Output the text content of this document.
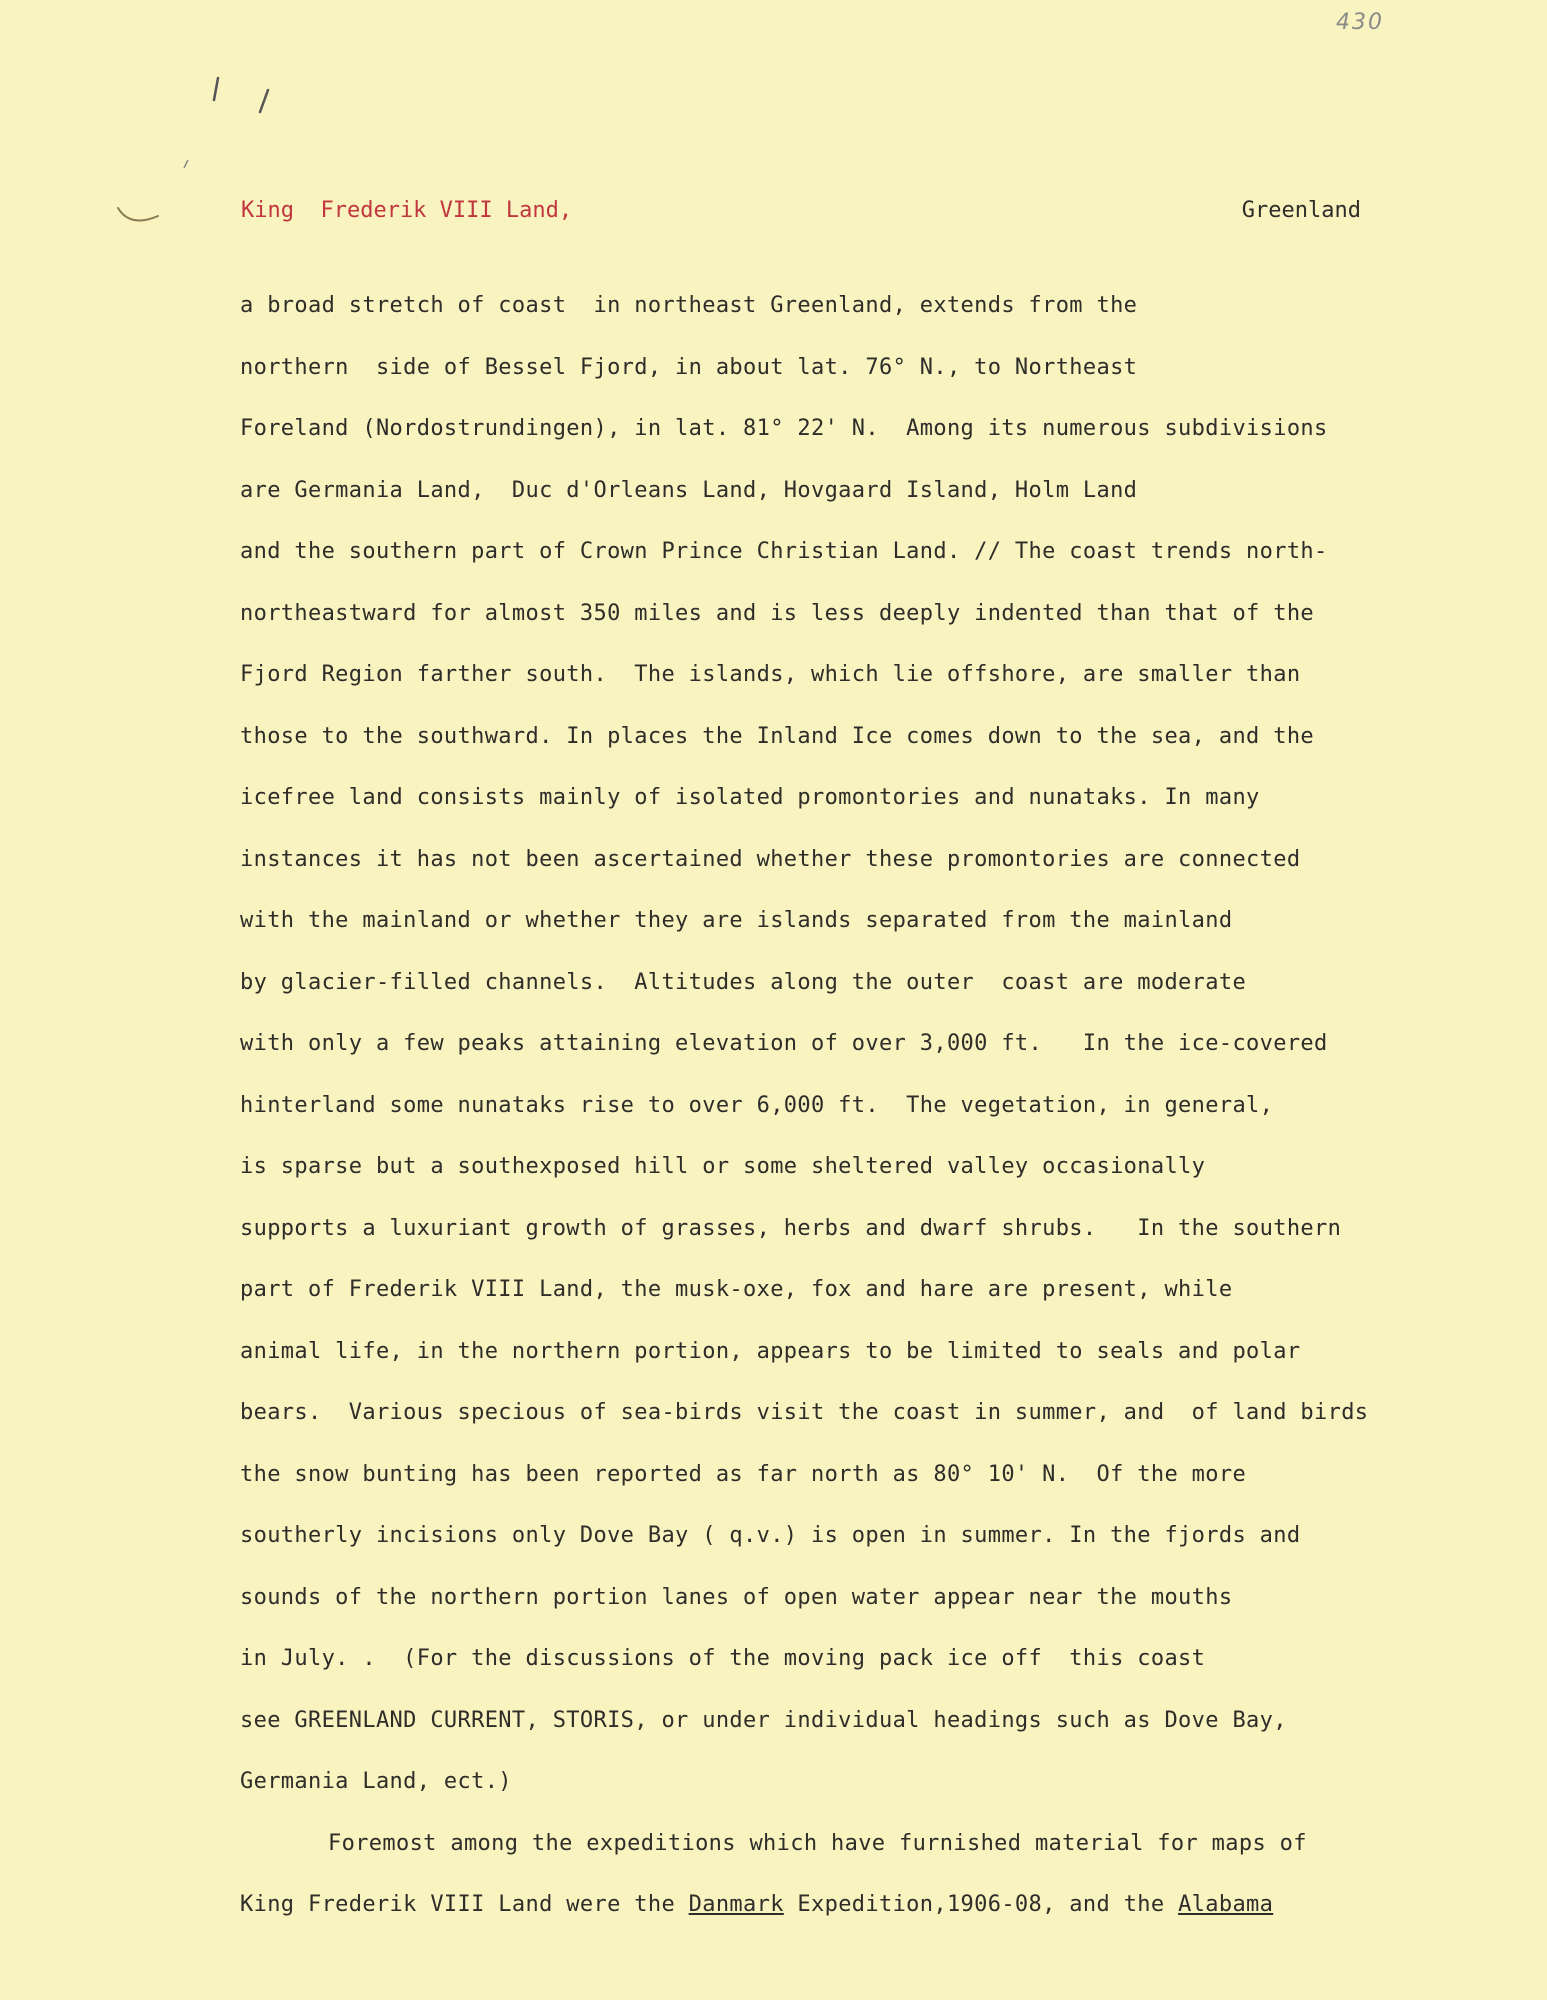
430
King  Frederik VIII Land,	Greenland
a broad stretch of coast  in northeast Greenland, extends from the
northern  side of Bessel Fjord, in about lat. 76° N., to Northeast
Foreland (Nordostrundingen), in lat. 81° 22' N.  Among its numerous subdivisions
are Germania Land,  Duc d'Orleans Land, Hovgaard Island, Holm Land
and the southern part of Crown Prince Christian Land. // The coast trends north-
northeastward for almost 350 miles and is less deeply indented than that of the
Fjord Region farther south.  The islands, which lie offshore, are smaller than
those to the southward. In places the Inland Ice comes down to the sea, and the
icefree land consists mainly of isolated promontories and nunataks. In many
instances it has not been ascertained whether these promontories are connected
with the mainland or whether they are islands separated from the mainland
by glacier-filled channels.  Altitudes along the outer  coast are moderate
with only a few peaks attaining elevation of over 3,000 ft.   In the ice-covered
hinterland some nunataks rise to over 6,000 ft.  The vegetation, in general,
is sparse but a southexposed hill or some sheltered valley occasionally
supports a luxuriant growth of grasses, herbs and dwarf shrubs.   In the southern
part of Frederik VIII Land, the musk-oxe, fox and hare are present, while
animal life, in the northern portion, appears to be limited to seals and polar
bears.  Various specious of sea-birds visit the coast in summer, and  of land birds
the snow bunting has been reported as far north as 80° 10' N.  Of the more
southerly incisions only Dove Bay ( q.v.) is open in summer. In the fjords and
sounds of the northern portion lanes of open water appear near the mouths
in July. .  (For the discussions of the moving pack ice off  this coast
see GREENLAND CURRENT, STORIS, or under individual headings such as Dove Bay,
Germania Land, ect.)
Foremost among the expeditions which have furnished material for maps of
King Frederik VIII Land were the Danmark Expedition,1906-08, and the Alabama
